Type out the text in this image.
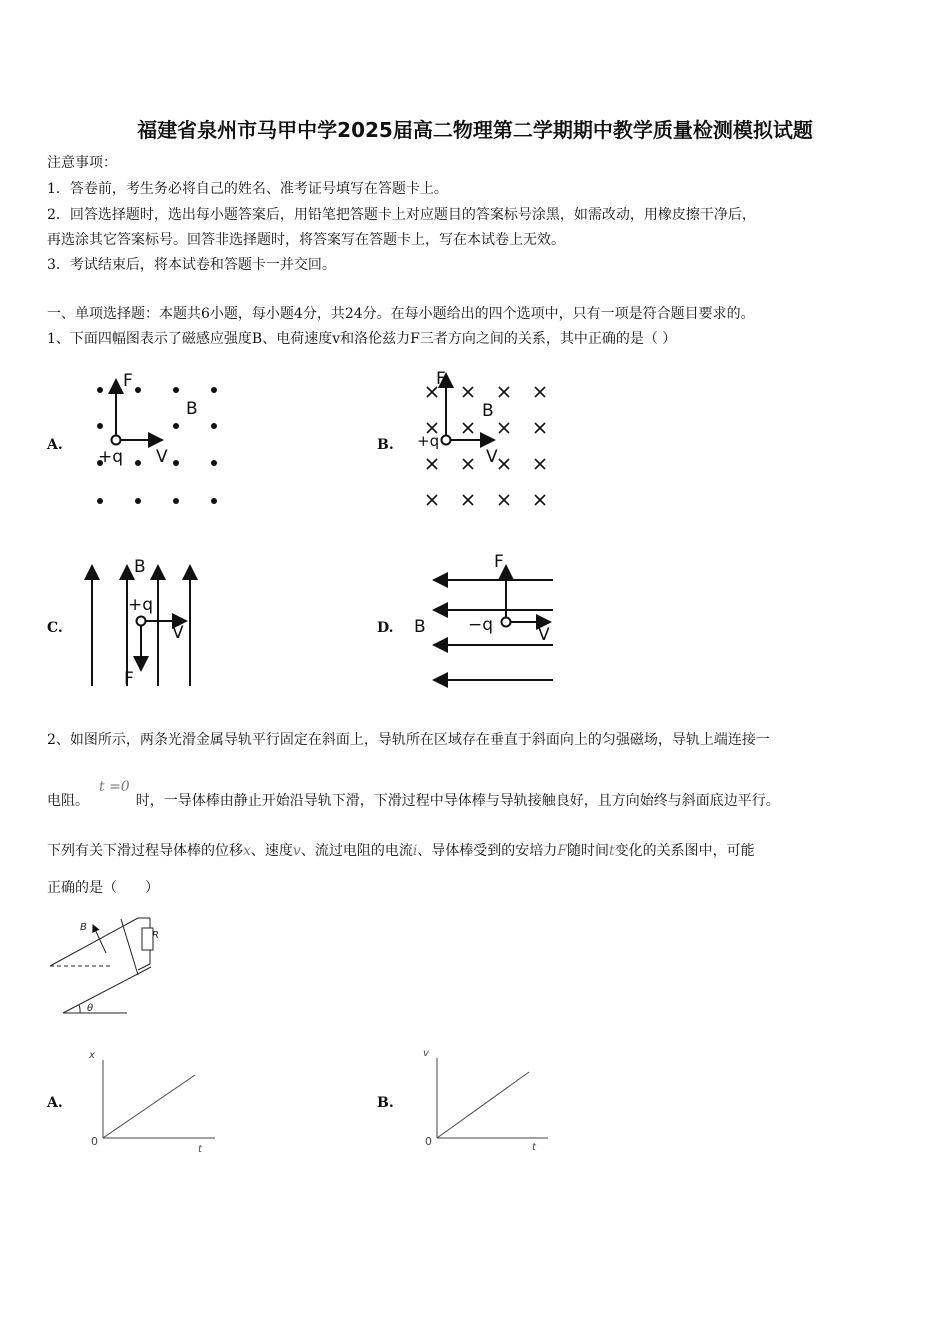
福建省泉州市马甲中学2025届高二物理第二学期期中教学质量检测模拟试题
注意事项：
1．答卷前，考生务必将自己的姓名、准考证号填写在答题卡上。
2．回答选择题时，选出每小题答案后，用铅笔把答题卡上对应题目的答案标号涂黑，如需改动，用橡皮擦干净后，
再选涂其它答案标号。回答非选择题时，将答案写在答题卡上，写在本试卷上无效。
3．考试结束后，将本试卷和答题卡一并交回。
一、单项选择题：本题共6小题，每小题4分，共24分。在每小题给出的四个选项中，只有一项是符合题目要求的。
1、下面四幅图表示了磁感应强度B、电荷速度v和洛伦兹力F三者方向之间的关系，其中正确的是（ ）
A.	B.
C.	D.
F
B
+q V
F
B
+q
V
B
+q
V
F
F
B −q	V
B
R
θ
x
t
0
v
t
0
2、如图所示，两条光滑金属导轨平行固定在斜面上，导轨所在区域存在垂直于斜面向上的匀强磁场，导轨上端连接一
电阻。t =0时，一导体棒由静止开始沿导轨下滑，下滑过程中导体棒与导轨接触良好，且方向始终与斜面底边平行。
下列有关下滑过程导体棒的位移x、速度v、流过电阻的电流i、导体棒受到的安培力F随时间t变化的关系图中，可能
正确的是（　　）
A.	B.
